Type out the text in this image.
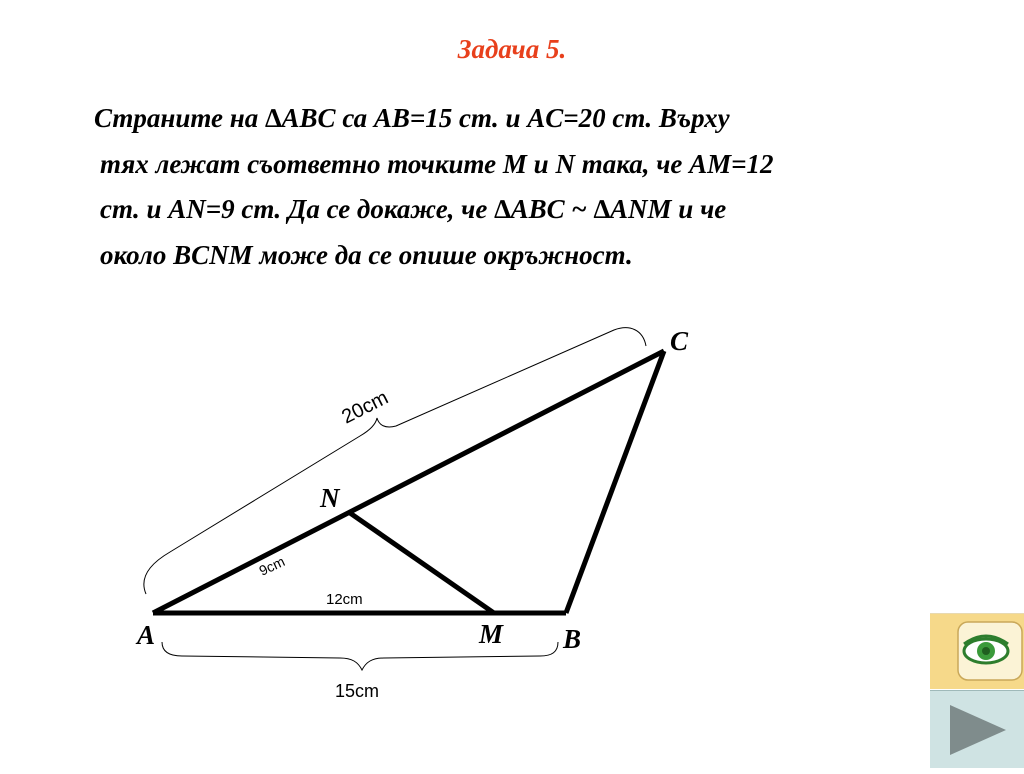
Задача 5.
Страните на ∆ABC са AB=15 cm. и AC=20 cm. Върху
тях лежат съответно точките M и N така, че AM=12
cm. и AN=9 cm. Да се докаже, че ∆ABC ~ ∆ANM и че
около BCNM може да се опише окръжност.
C
N
A	M B
20cm
9cm
12cm
15cm
